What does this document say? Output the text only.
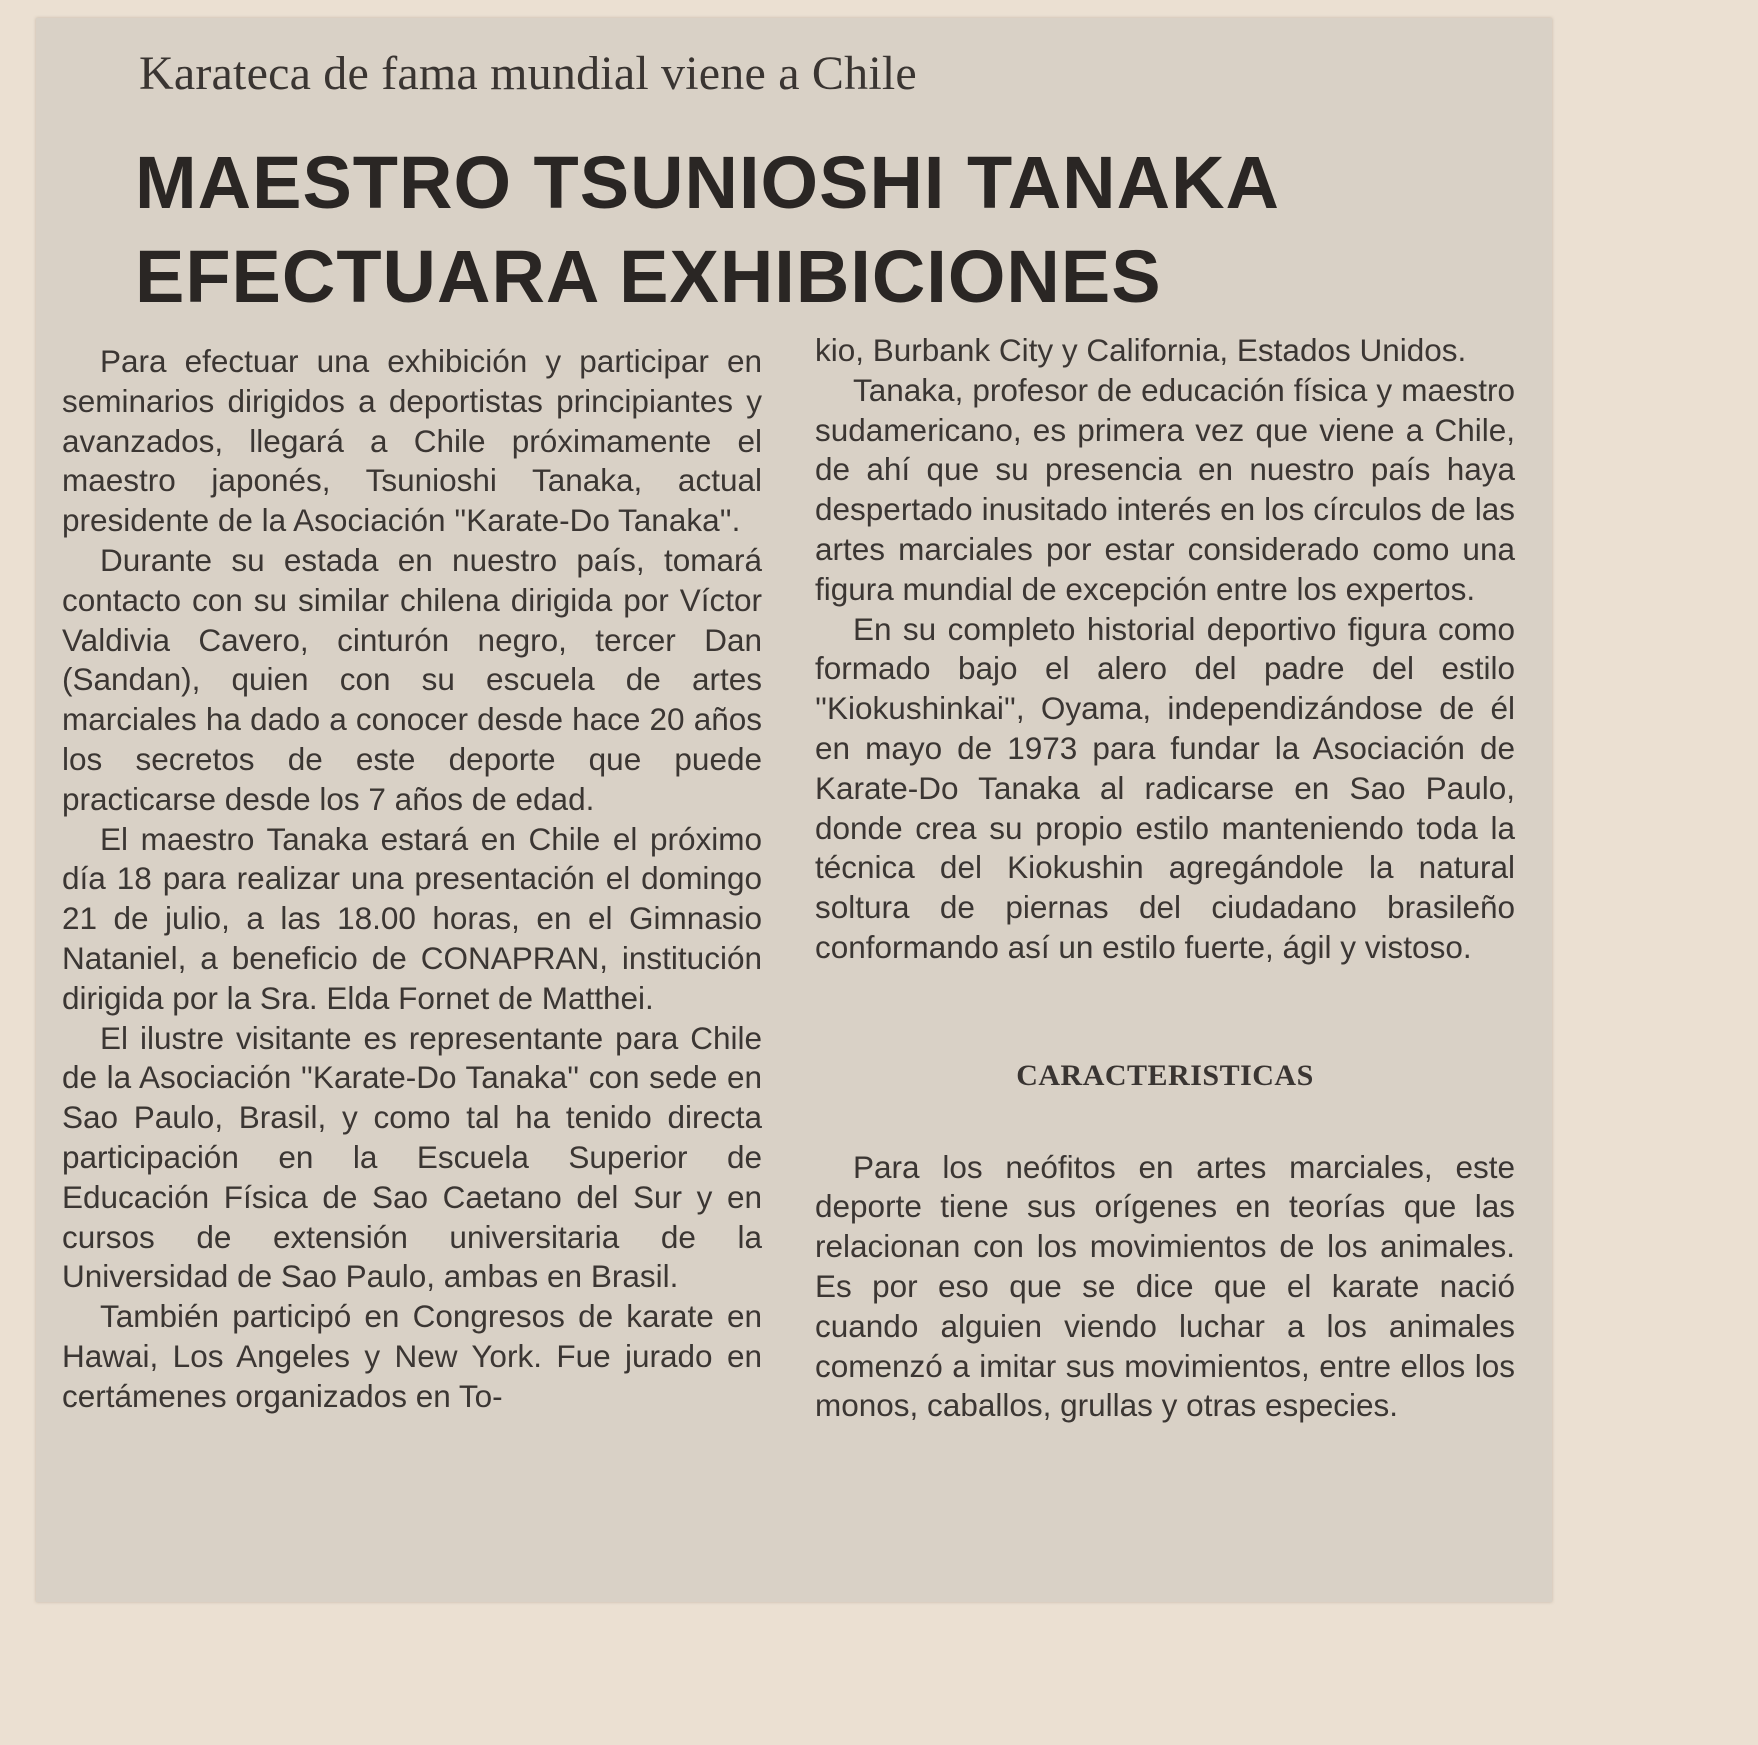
Karateca de fama mundial viene a Chile
MAESTRO TSUNIOSHI TANAKA
EFECTUARA EXHIBICIONES

Para efectuar una exhibición y participar en seminarios dirigidos a deportistas principiantes y avanzados, llegará a Chile próximamente el maestro japonés, Tsunioshi Tanaka, actual presidente de la Asociación ''Karate-Do Tanaka''.

Durante su estada en nuestro país, tomará contacto con su similar chilena dirigida por Víctor Valdivia Cavero, cinturón negro, tercer Dan (Sandan), quien con su escuela de artes marciales ha dado a conocer desde hace 20 años los secretos de este deporte que puede practicarse desde los 7 años de edad.

El maestro Tanaka estará en Chile el próximo día 18 para realizar una presentación el domingo 21 de julio, a las 18.00 horas, en el Gimnasio Nataniel, a beneficio de CONAPRAN, institución dirigida por la Sra. Elda Fornet de Matthei.

El ilustre visitante es representante para Chile de la Asociación ''Karate-Do Tanaka'' con sede en Sao Paulo, Brasil, y como tal ha tenido directa participación en la Escuela Superior de Educación Física de Sao Caetano del Sur y en cursos de extensión universitaria de la Universidad de Sao Paulo, ambas en Brasil.

También participó en Congresos de karate en Hawai, Los Angeles y New York. Fue jurado en certámenes organizados en To-

kio, Burbank City y California, Estados Unidos.

Tanaka, profesor de educación física y maestro sudamericano, es primera vez que viene a Chile, de ahí que su presencia en nuestro país haya despertado inusitado interés en los círculos de las artes marciales por estar considerado como una figura mundial de excepción entre los expertos.

En su completo historial deportivo figura como formado bajo el alero del padre del estilo ''Kiokushinkai'', Oyama, independizándose de él en mayo de 1973 para fundar la Asociación de Karate-Do Tanaka al radicarse en Sao Paulo, donde crea su propio estilo manteniendo toda la técnica del Kiokushin agregándole la natural soltura de piernas del ciudadano brasileño conformando así un estilo fuerte, ágil y vistoso.

CARACTERISTICAS

Para los neófitos en artes marciales, este deporte tiene sus orígenes en teorías que las relacionan con los movimientos de los animales. Es por eso que se dice que el karate nació cuando alguien viendo luchar a los animales comenzó a imitar sus movimientos, entre ellos los monos, caballos, grullas y otras especies.
